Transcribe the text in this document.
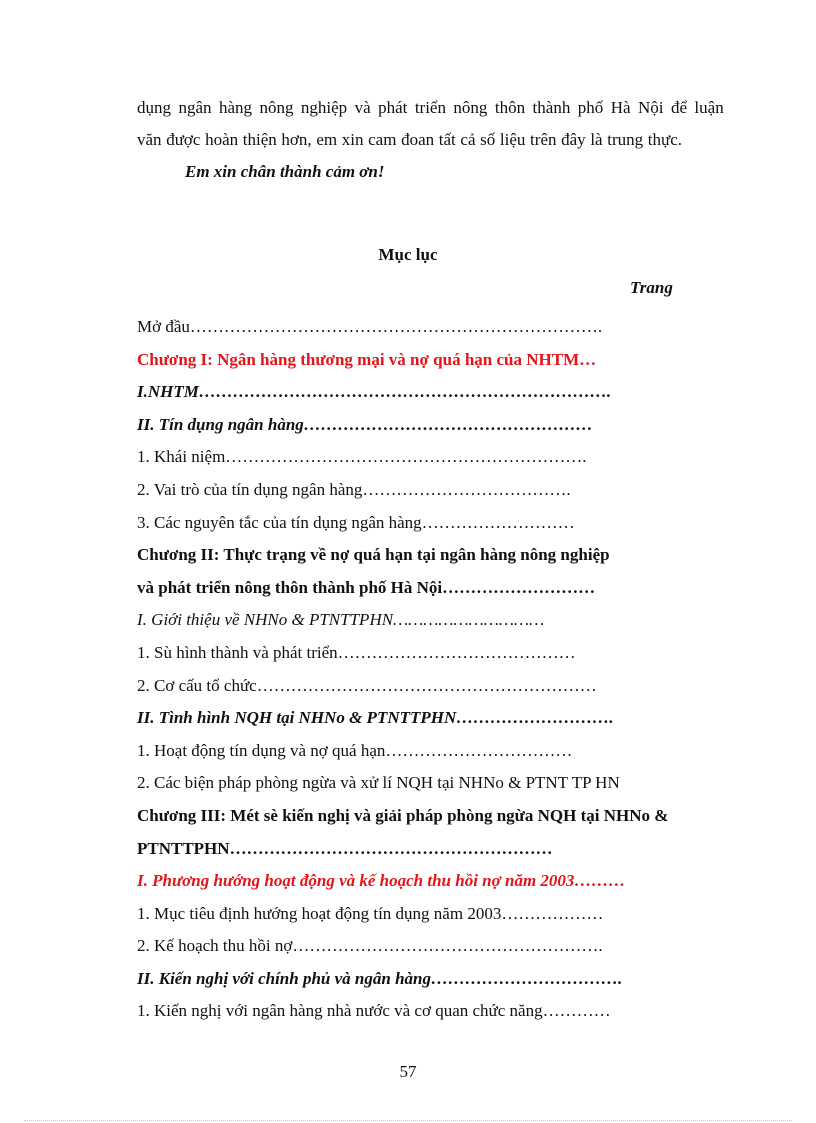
dụng ngân hàng nông nghiệp và phát triển nông thôn thành phố Hà Nội để luận

văn được hoàn thiện hơn, em xin cam đoan tất cả số liệu trên đây là trung thực.

Em xin chân thành cảm ơn!

Mục lục

Trang

Mở đầu……………………………………………………………….
Chương I: Ngân hàng thương mại và nợ quá hạn của NHTM…
I.NHTM……………………………………………………………….
II. Tín dụng ngân hàng……………………………………………
1. Khái niệm……………………………………………………….
2. Vai trò của tín dụng ngân hàng……………………………….
3. Các nguyên tắc của tín dụng ngân hàng………………………
Chương II: Thực trạng về nợ quá hạn tại ngân hàng nông nghiệp
và phát triển nông thôn thành phố Hà Nội………………………
I. Giới thiệu về NHNo & PTNTTPHN…………………………
1. Sù hình thành và phát triển……………………………………
2. Cơ cấu tổ chức……………………………………………………
II. Tình hình NQH tại NHNo & PTNTTPHN……………………….
1. Hoạt động tín dụng và nợ quá hạn……………………………
2. Các biện pháp phòng ngừa và xử lí NQH tại NHNo & PTNT TP HN
Chương III: Mét sè kiến nghị và giải pháp phòng ngừa NQH tại NHNo &
PTNTTPHN…………………………………………………
I. Phương hướng hoạt động và kế hoạch thu hồi nợ năm 2003………
1. Mục tiêu định hướng hoạt động tín dụng năm 2003………………
2. Kế hoạch thu hồi nợ……………………………………………….
II. Kiến nghị với chính phủ và ngân hàng…………………………….
1. Kiến nghị với ngân hàng nhà nước và cơ quan chức năng…………
57
